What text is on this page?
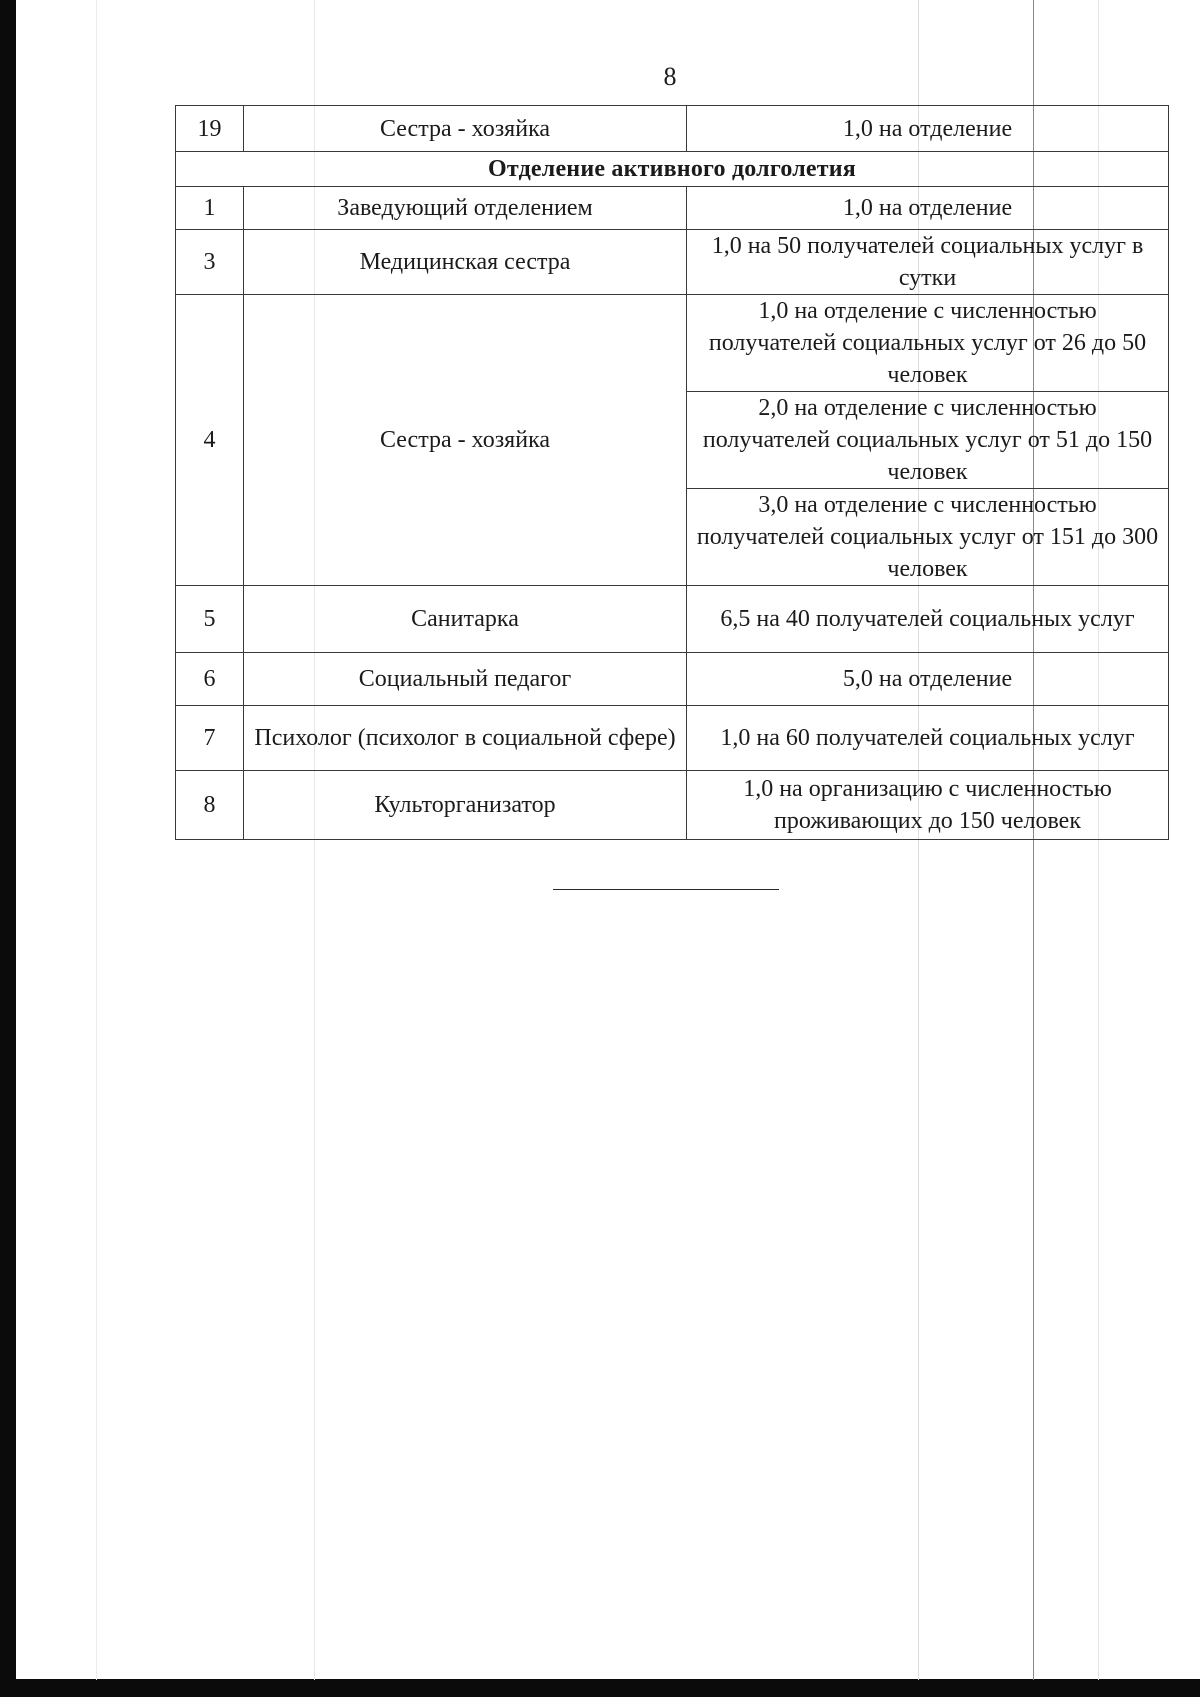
8
19	Сестра - хозяйка	1,0 на отделение
Отделение активного долголетия		
1	Заведующий отделением	1,0 на отделение
3	Медицинская сестра	1,0 на 50 получателей социальных услуг в сутки
4	Сестра - хозяйка	1,0 на отделение с численностью получателей социальных услуг от 26 до 50 человек
		2,0 на отделение с численностью получателей социальных услуг от 51 до 150 человек
		3,0 на отделение с численностью получателей социальных услуг от 151 до 300 человек
5	Санитарка	6,5 на 40 получателей социальных услуг
6	Социальный педагог	5,0 на отделение
7	Психолог (психолог в социальной сфере)	1,0 на 60 получателей социальных услуг
8	Культорганизатор	1,0 на организацию с численностью проживающих до 150 человек
